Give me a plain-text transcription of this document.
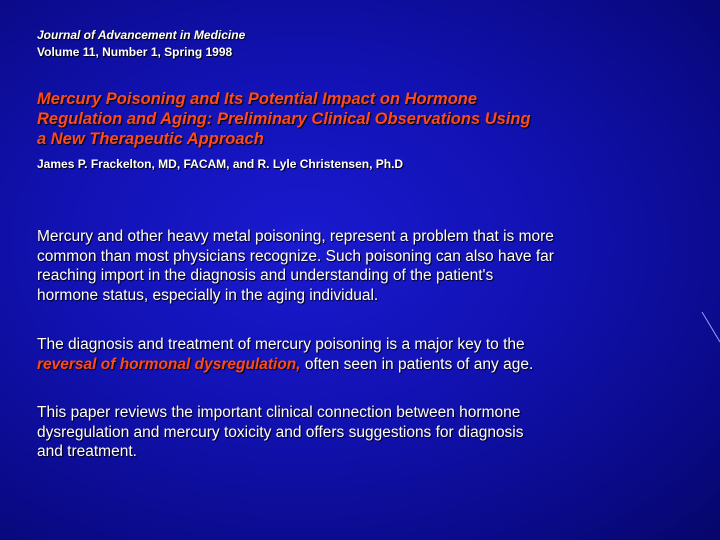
Journal of Advancement in Medicine
Volume 11, Number 1, Spring 1998
Mercury Poisoning and Its Potential Impact on Hormone
Regulation and Aging: Preliminary Clinical Observations Using
a New Therapeutic Approach
James P. Frackelton, MD, FACAM, and R. Lyle Christensen, Ph.D
Mercury and other heavy metal poisoning, represent a problem that is more
common than most physicians recognize. Such poisoning can also have far
reaching import in the diagnosis and understanding of the patient's
hormone status, especially in the aging individual.
The diagnosis and treatment of mercury poisoning is a major key to the
reversal of hormonal dysregulation, often seen in patients of any age.
This paper reviews the important clinical connection between hormone
dysregulation and mercury toxicity and offers suggestions for diagnosis
and treatment.
